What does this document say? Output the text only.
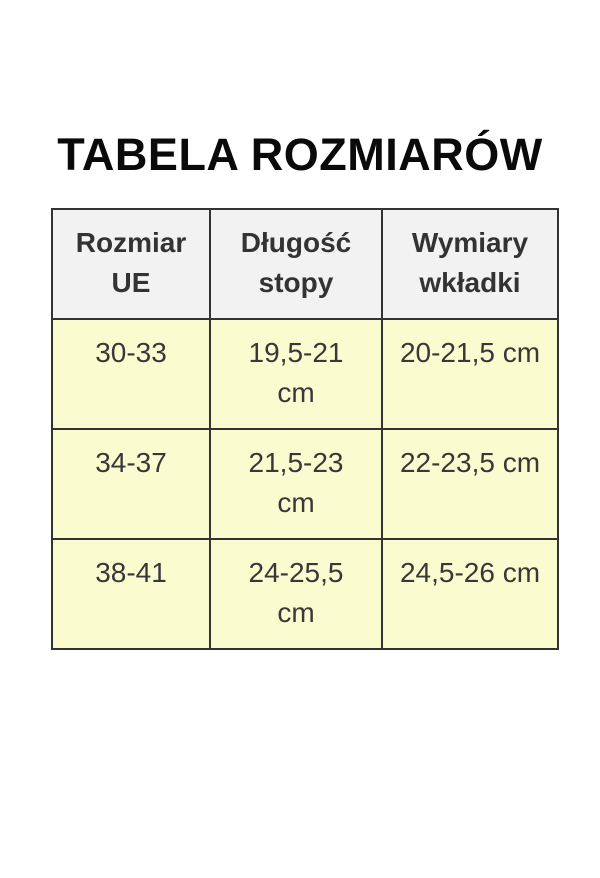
TABELA ROZMIARÓW
Rozmiar UE	Długość stopy	Wymiary wkładki
30-33	19,5-21 cm	20-21,5 cm
34-37	21,5-23 cm	22-23,5 cm
38-41	24-25,5 cm	24,5-26 cm
